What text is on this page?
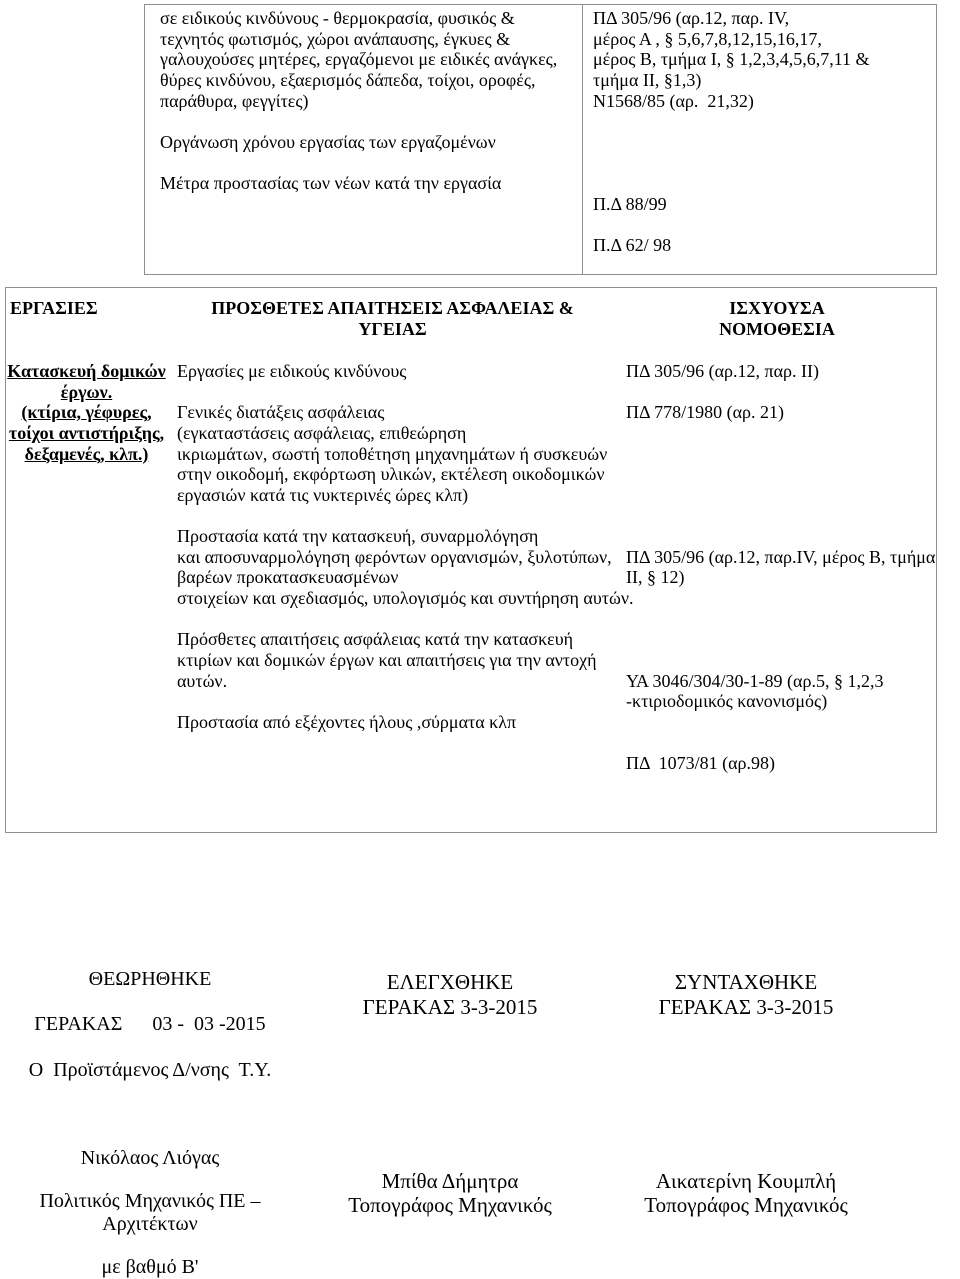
σε ειδικούς κινδύνους - θερμοκρασία, φυσικός &
τεχνητός φωτισμός, χώροι ανάπαυσης, έγκυες &
γαλουχούσες μητέρες, εργαζόμενοι με ειδικές ανάγκες,
θύρες κινδύνου, εξαερισμός δάπεδα, τοίχοι, οροφές,
παράθυρα, φεγγίτες)
Οργάνωση χρόνου εργασίας των εργαζομένων
Μέτρα προστασίας των νέων κατά την εργασία
ΠΔ 305/96 (αρ.12, παρ. IV,
μέρος Α , § 5,6,7,8,12,15,16,17,
μέρος Β, τμήμα Ι, § 1,2,3,4,5,6,7,11 &
τμήμα ΙΙ, §1,3)
Ν1568/85 (αρ.  21,32)
Π.Δ 88/99
Π.Δ 62/ 98
ΕΡΓΑΣΙΕΣ	ΠΡΟΣΘΕΤΕΣ ΑΠΑΙΤΗΣΕΙΣ ΑΣΦΑΛΕΙΑΣ &
ΥΓΕΙΑΣ
ΙΣΧΥΟΥΣΑ
ΝΟΜΟΘΕΣΙΑ
Κατασκευή δομικών
έργων.
(κτίρια, γέφυρες,
τοίχοι αντιστήριξης,
δεξαμενές, κλπ.)
Εργασίες με ειδικούς κινδύνους
Γενικές διατάξεις ασφάλειας
(εγκαταστάσεις ασφάλειας, επιθεώρηση
ικριωμάτων, σωστή τοποθέτηση μηχανημάτων ή συσκευών
στην οικοδομή, εκφόρτωση υλικών, εκτέλεση οικοδομικών
εργασιών κατά τις νυκτερινές ώρες κλπ)
Προστασία κατά την κατασκευή, συναρμολόγηση
και αποσυναρμολόγηση φερόντων οργανισμών, ξυλοτύπων,
βαρέων προκατασκευασμένων
στοιχείων και σχεδιασμός, υπολογισμός και συντήρηση αυτών.
Πρόσθετες απαιτήσεις ασφάλειας κατά την κατασκευή
κτιρίων και δομικών έργων και απαιτήσεις για την αντοχή
αυτών.
Προστασία από εξέχοντες ήλους ,σύρματα κλπ
ΠΔ 305/96 (αρ.12, παρ. ΙΙ)
ΠΔ 778/1980 (αρ. 21)
ΠΔ 305/96 (αρ.12, παρ.IV, μέρος Β, τμήμα
ΙΙ, § 12)
ΥΑ 3046/304/30-1-89 (αρ.5, § 1,2,3
-κτιριοδομικός κανονισμός)
ΠΔ  1073/81 (αρ.98)
ΘΕΩΡΗΘΗΚΕ
ΓΕΡΑΚΑΣ      03 -  03 -2015
Ο  Προϊστάμενος Δ/νσης  Τ.Υ.
Νικόλαος Λιόγας
Πολιτικός Μηχανικός ΠΕ –
Αρχιτέκτων
με βαθμό Β'
ΕΛΕΓΧΘΗΚΕ
ΓΕΡΑΚΑΣ 3-3-2015
Μπίθα Δήμητρα
Τοπογράφος Μηχανικός
ΣΥΝΤΑΧΘΗΚΕ
ΓΕΡΑΚΑΣ 3-3-2015
Αικατερίνη Κουμπλή
Τοπογράφος Μηχανικός
